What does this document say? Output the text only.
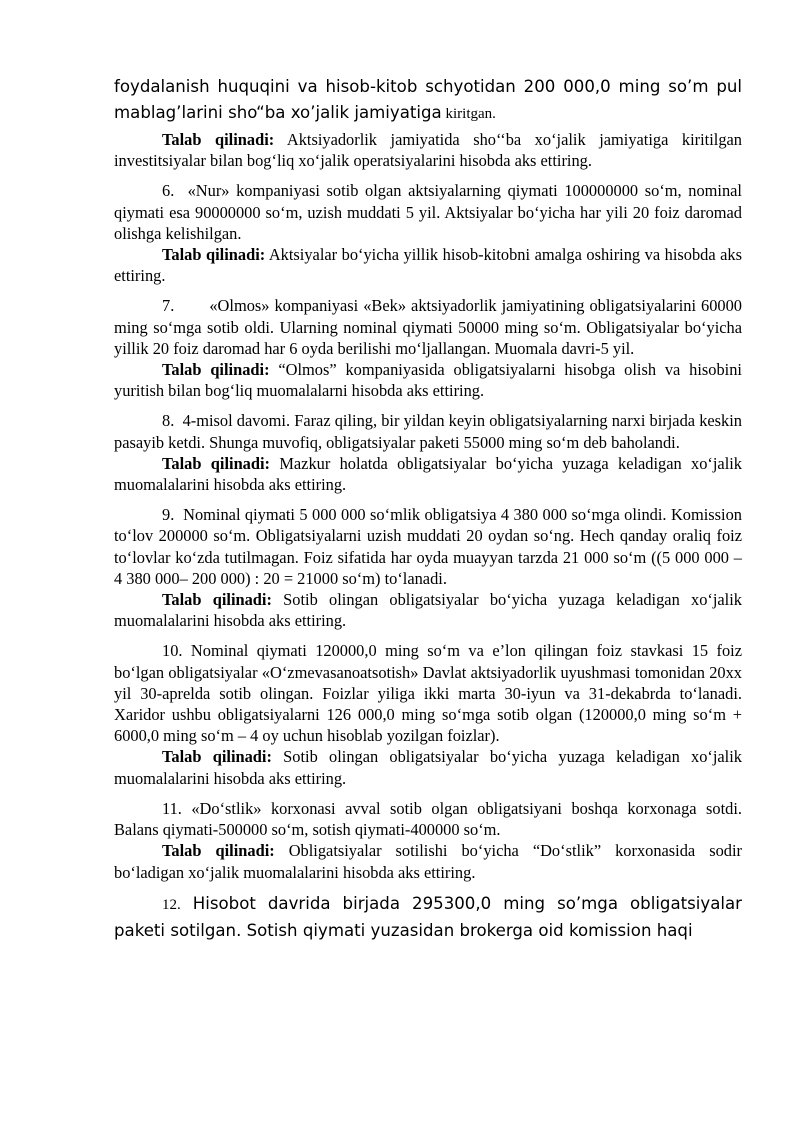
foydalanish huquqini va hisob-kitob schyotidan 200 000,0 ming so’m pul mablag’larini sho“ba xo’jalik jamiyatiga kiritgan.

Talab qilinadi: Aktsiyadorlik jamiyatida sho‘‘ba xo‘jalik jamiyatiga kiritilgan investitsiyalar bilan bog‘liq xo‘jalik operatsiyalarini hisobda aks ettiring.

6.  «Nur» kompaniyasi sotib olgan aktsiyalarning qiymati 100000000 so‘m, nominal qiymati esa 90000000 so‘m, uzish muddati 5 yil. Aktsiyalar bo‘yicha har yili 20 foiz daromad olishga kelishilgan.

Talab qilinadi: Aktsiyalar bo‘yicha yillik hisob-kitobni amalga oshiring va hisobda aks ettiring.

7.       «Olmos» kompaniyasi «Bek» aktsiyadorlik jamiyatining obligatsiyalarini 60000 ming so‘mga sotib oldi. Ularning nominal qiymati 50000 ming so‘m. Obligatsiyalar bo‘yicha yillik 20 foiz daromad har 6 oyda berilishi mo‘ljallangan. Muomala davri-5 yil.

Talab qilinadi: “Olmos” kompaniyasida obligatsiyalarni hisobga olish va hisobini yuritish bilan bog‘liq muomalalarni hisobda aks ettiring.

8.  4-misol davomi. Faraz qiling, bir yildan keyin obligatsiyalarning narxi birjada keskin pasayib ketdi. Shunga muvofiq, obligatsiyalar paketi 55000 ming so‘m deb baholandi.

Talab qilinadi: Mazkur holatda obligatsiyalar bo‘yicha yuzaga keladigan xo‘jalik muomalalarini hisobda aks ettiring.

9.  Nominal qiymati 5 000 000 so‘mlik obligatsiya 4 380 000 so‘mga olindi. Komission to‘lov 200000 so‘m. Obligatsiyalarni uzish muddati 20 oydan so‘ng. Hech qanday oraliq foiz to‘lovlar ko‘zda tutilmagan. Foiz sifatida har oyda muayyan tarzda 21 000 so‘m ((5 000 000 – 4 380 000– 200 000) : 20 = 21000 so‘m) to‘lanadi.

Talab qilinadi: Sotib olingan obligatsiyalar bo‘yicha yuzaga keladigan xo‘jalik muomalalarini hisobda aks ettiring.

10. Nominal qiymati 120000,0 ming so‘m va e’lon qilingan foiz stavkasi 15 foiz bo‘lgan obligatsiyalar «O‘zmevasanoatsotish» Davlat aktsiyadorlik uyushmasi tomonidan 20xx yil 30-aprelda sotib olingan. Foizlar yiliga ikki marta 30-iyun va 31-dekabrda to‘lanadi. Xaridor ushbu obligatsiyalarni 126 000,0 ming so‘mga sotib olgan (120000,0 ming so‘m + 6000,0 ming so‘m – 4 oy uchun hisoblab yozilgan foizlar).

Talab qilinadi: Sotib olingan obligatsiyalar bo‘yicha yuzaga keladigan xo‘jalik muomalalarini hisobda aks ettiring.

11. «Do‘stlik» korxonasi avval sotib olgan obligatsiyani boshqa korxonaga sotdi. Balans qiymati-500000 so‘m, sotish qiymati-400000 so‘m.

Talab qilinadi: Obligatsiyalar sotilishi bo‘yicha “Do‘stlik” korxonasida sodir bo‘ladigan xo‘jalik muomalalarini hisobda aks ettiring.

12. Hisobot davrida birjada 295300,0 ming so’mga obligatsiyalar paketi sotilgan. Sotish qiymati yuzasidan brokerga oid komission haqi
